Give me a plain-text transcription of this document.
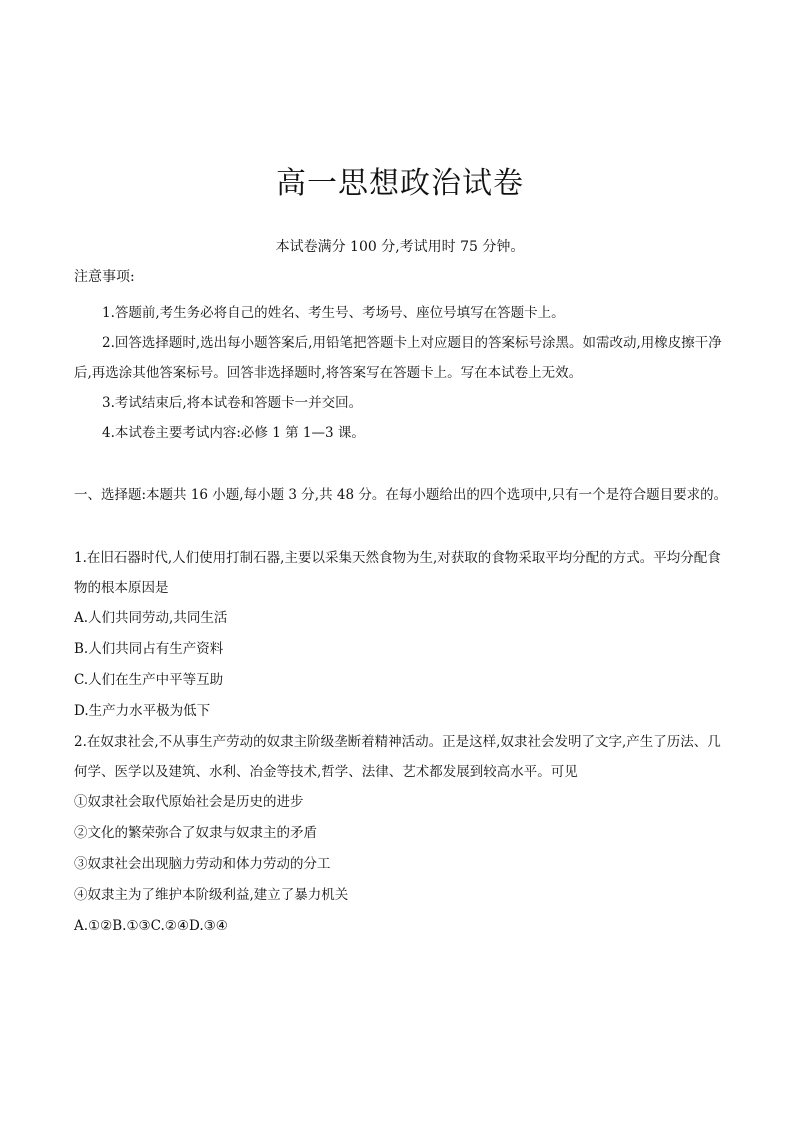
高一思想政治试卷
本试卷满分 100 分,考试用时 75 分钟。
注意事项:

1.答题前,考生务必将自己的姓名、考生号、考场号、座位号填写在答题卡上。

2.回答选择题时,选出每小题答案后,用铅笔把答题卡上对应题目的答案标号涂黑。如需改动,用橡皮擦干净后,再选涂其他答案标号。回答非选择题时,将答案写在答题卡上。写在本试卷上无效。

3.考试结束后,将本试卷和答题卡一并交回。

4.本试卷主要考试内容:必修 1 第 1—3 课。

一、选择题:本题共 16 小题,每小题 3 分,共 48 分。在每小题给出的四个选项中,只有一个是符合题目要求的。

1.在旧石器时代,人们使用打制石器,主要以采集天然食物为生,对获取的食物采取平均分配的方式。平均分配食物的根本原因是

A.人们共同劳动,共同生活

B.人们共同占有生产资料

C.人们在生产中平等互助

D.生产力水平极为低下

2.在奴隶社会,不从事生产劳动的奴隶主阶级垄断着精神活动。正是这样,奴隶社会发明了文字,产生了历法、几何学、医学以及建筑、水利、冶金等技术,哲学、法律、艺术都发展到较高水平。可见

①奴隶社会取代原始社会是历史的进步

②文化的繁荣弥合了奴隶与奴隶主的矛盾

③奴隶社会出现脑力劳动和体力劳动的分工

④奴隶主为了维护本阶级利益,建立了暴力机关

A.①②B.①③C.②④D.③④
